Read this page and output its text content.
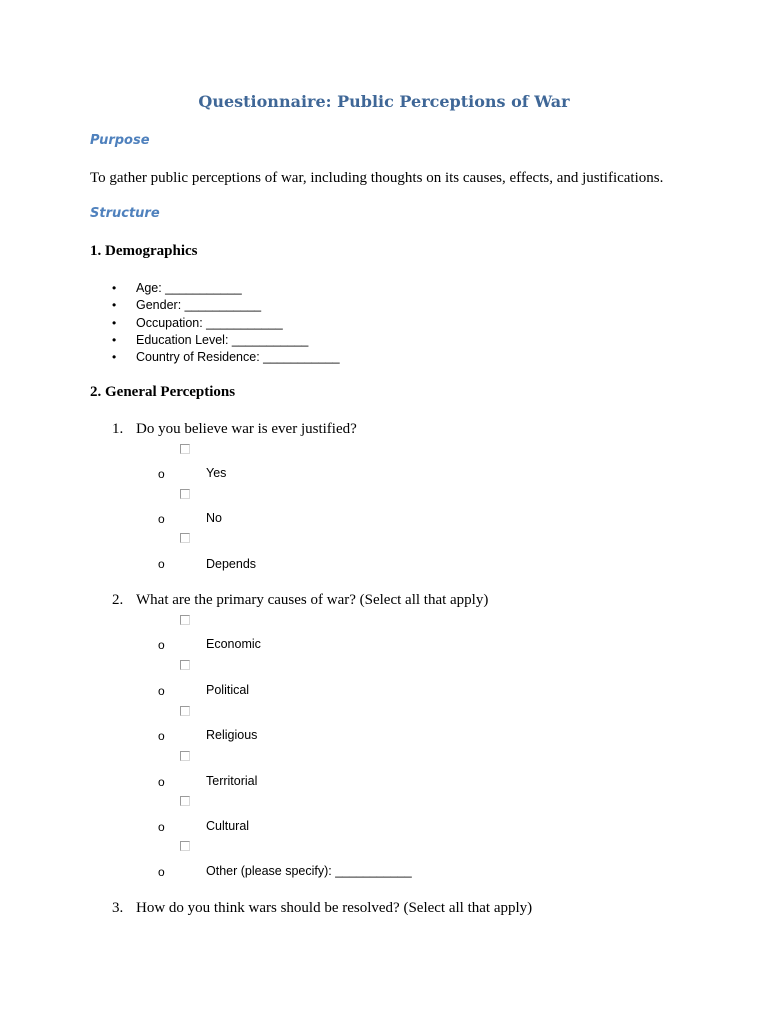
Questionnaire: Public Perceptions of War
Purpose
To gather public perceptions of war, including thoughts on its causes, effects, and justifications.
Structure
1. Demographics
• Age: ___________
• Gender: ___________
• Occupation: ___________
• Education Level: ___________
• Country of Residence: ___________
2. General Perceptions
1. Do you believe war is ever justified?
o	Yes
o	No
o	Depends
2. What are the primary causes of war? (Select all that apply)
o	Economic
o	Political
o	Religious
o	Territorial
o	Cultural
o	Other (please specify): ___________
3. How do you think wars should be resolved? (Select all that apply)
